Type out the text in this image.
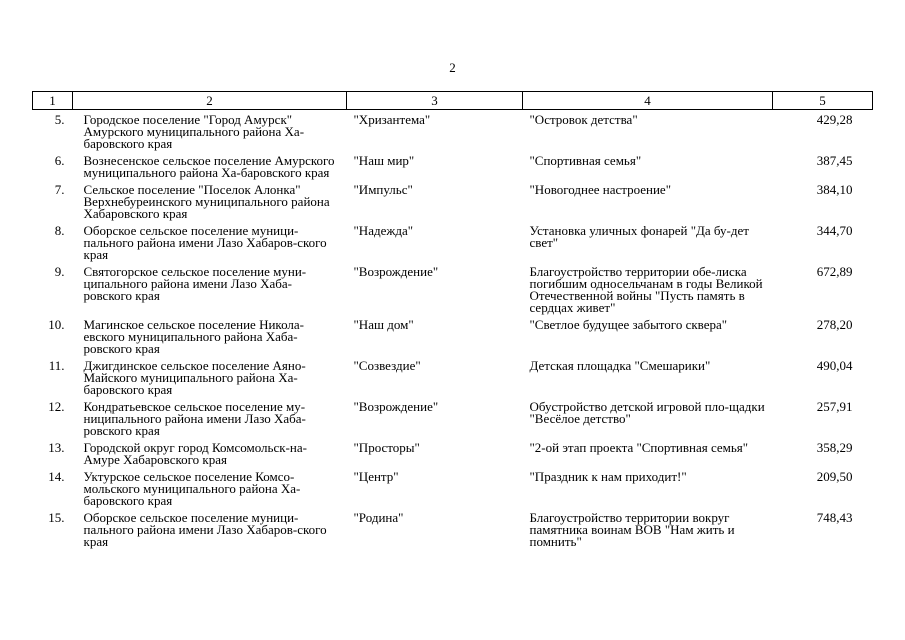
2
1	2	3	4	5
5.	Городское поселение "Город Амурск" Амурского муниципального района Ха-баровского края	"Хризантема"	"Островок детства"	429,28
6.	Вознесенское сельское поселение Амурского муниципального района Ха-баровского края	"Наш мир"	"Спортивная семья"	387,45
7.	Сельское поселение "Поселок Алонка" Верхнебуреинского муниципального района Хабаровского края	"Импульс"	"Новогоднее настроение"	384,10
8.	Оборское сельское поселение муници-пального района имени Лазо Хабаров-ского края	"Надежда"	Установка уличных фонарей "Да бу-дет свет"	344,70
9.	Святогорское сельское поселение муни-ципального района имени Лазо Хаба-ровского края	"Возрождение"	Благоустройство территории обе-лиска погибшим односельчанам в годы Великой Отечественной войны "Пусть память в сердцах живет"	672,89
10.	Магинское сельское поселение Никола-евского муниципального района Хаба-ровского края	"Наш дом"	"Светлое будущее забытого сквера"	278,20
11.	Джигдинское сельское поселение Аяно-Майского муниципального района Ха-баровского края	"Созвездие"	Детская площадка "Смешарики"	490,04
12.	Кондратьевское сельское поселение му-ниципального района имени Лазо Хаба-ровского края	"Возрождение"	Обустройство детской игровой пло-щадки "Весёлое детство"	257,91
13.	Городской округ город Комсомольск-на-Амуре Хабаровского края	"Просторы"	"2-ой этап проекта "Спортивная семья"	358,29
14.	Уктурское сельское поселение Комсо-мольского муниципального района Ха-баровского края	"Центр"	"Праздник к нам приходит!"	209,50
15.	Оборское сельское поселение муници-пального района имени Лазо Хабаров-ского края	"Родина"	Благоустройство территории вокруг памятника воинам ВОВ "Нам жить и помнить"	748,43
